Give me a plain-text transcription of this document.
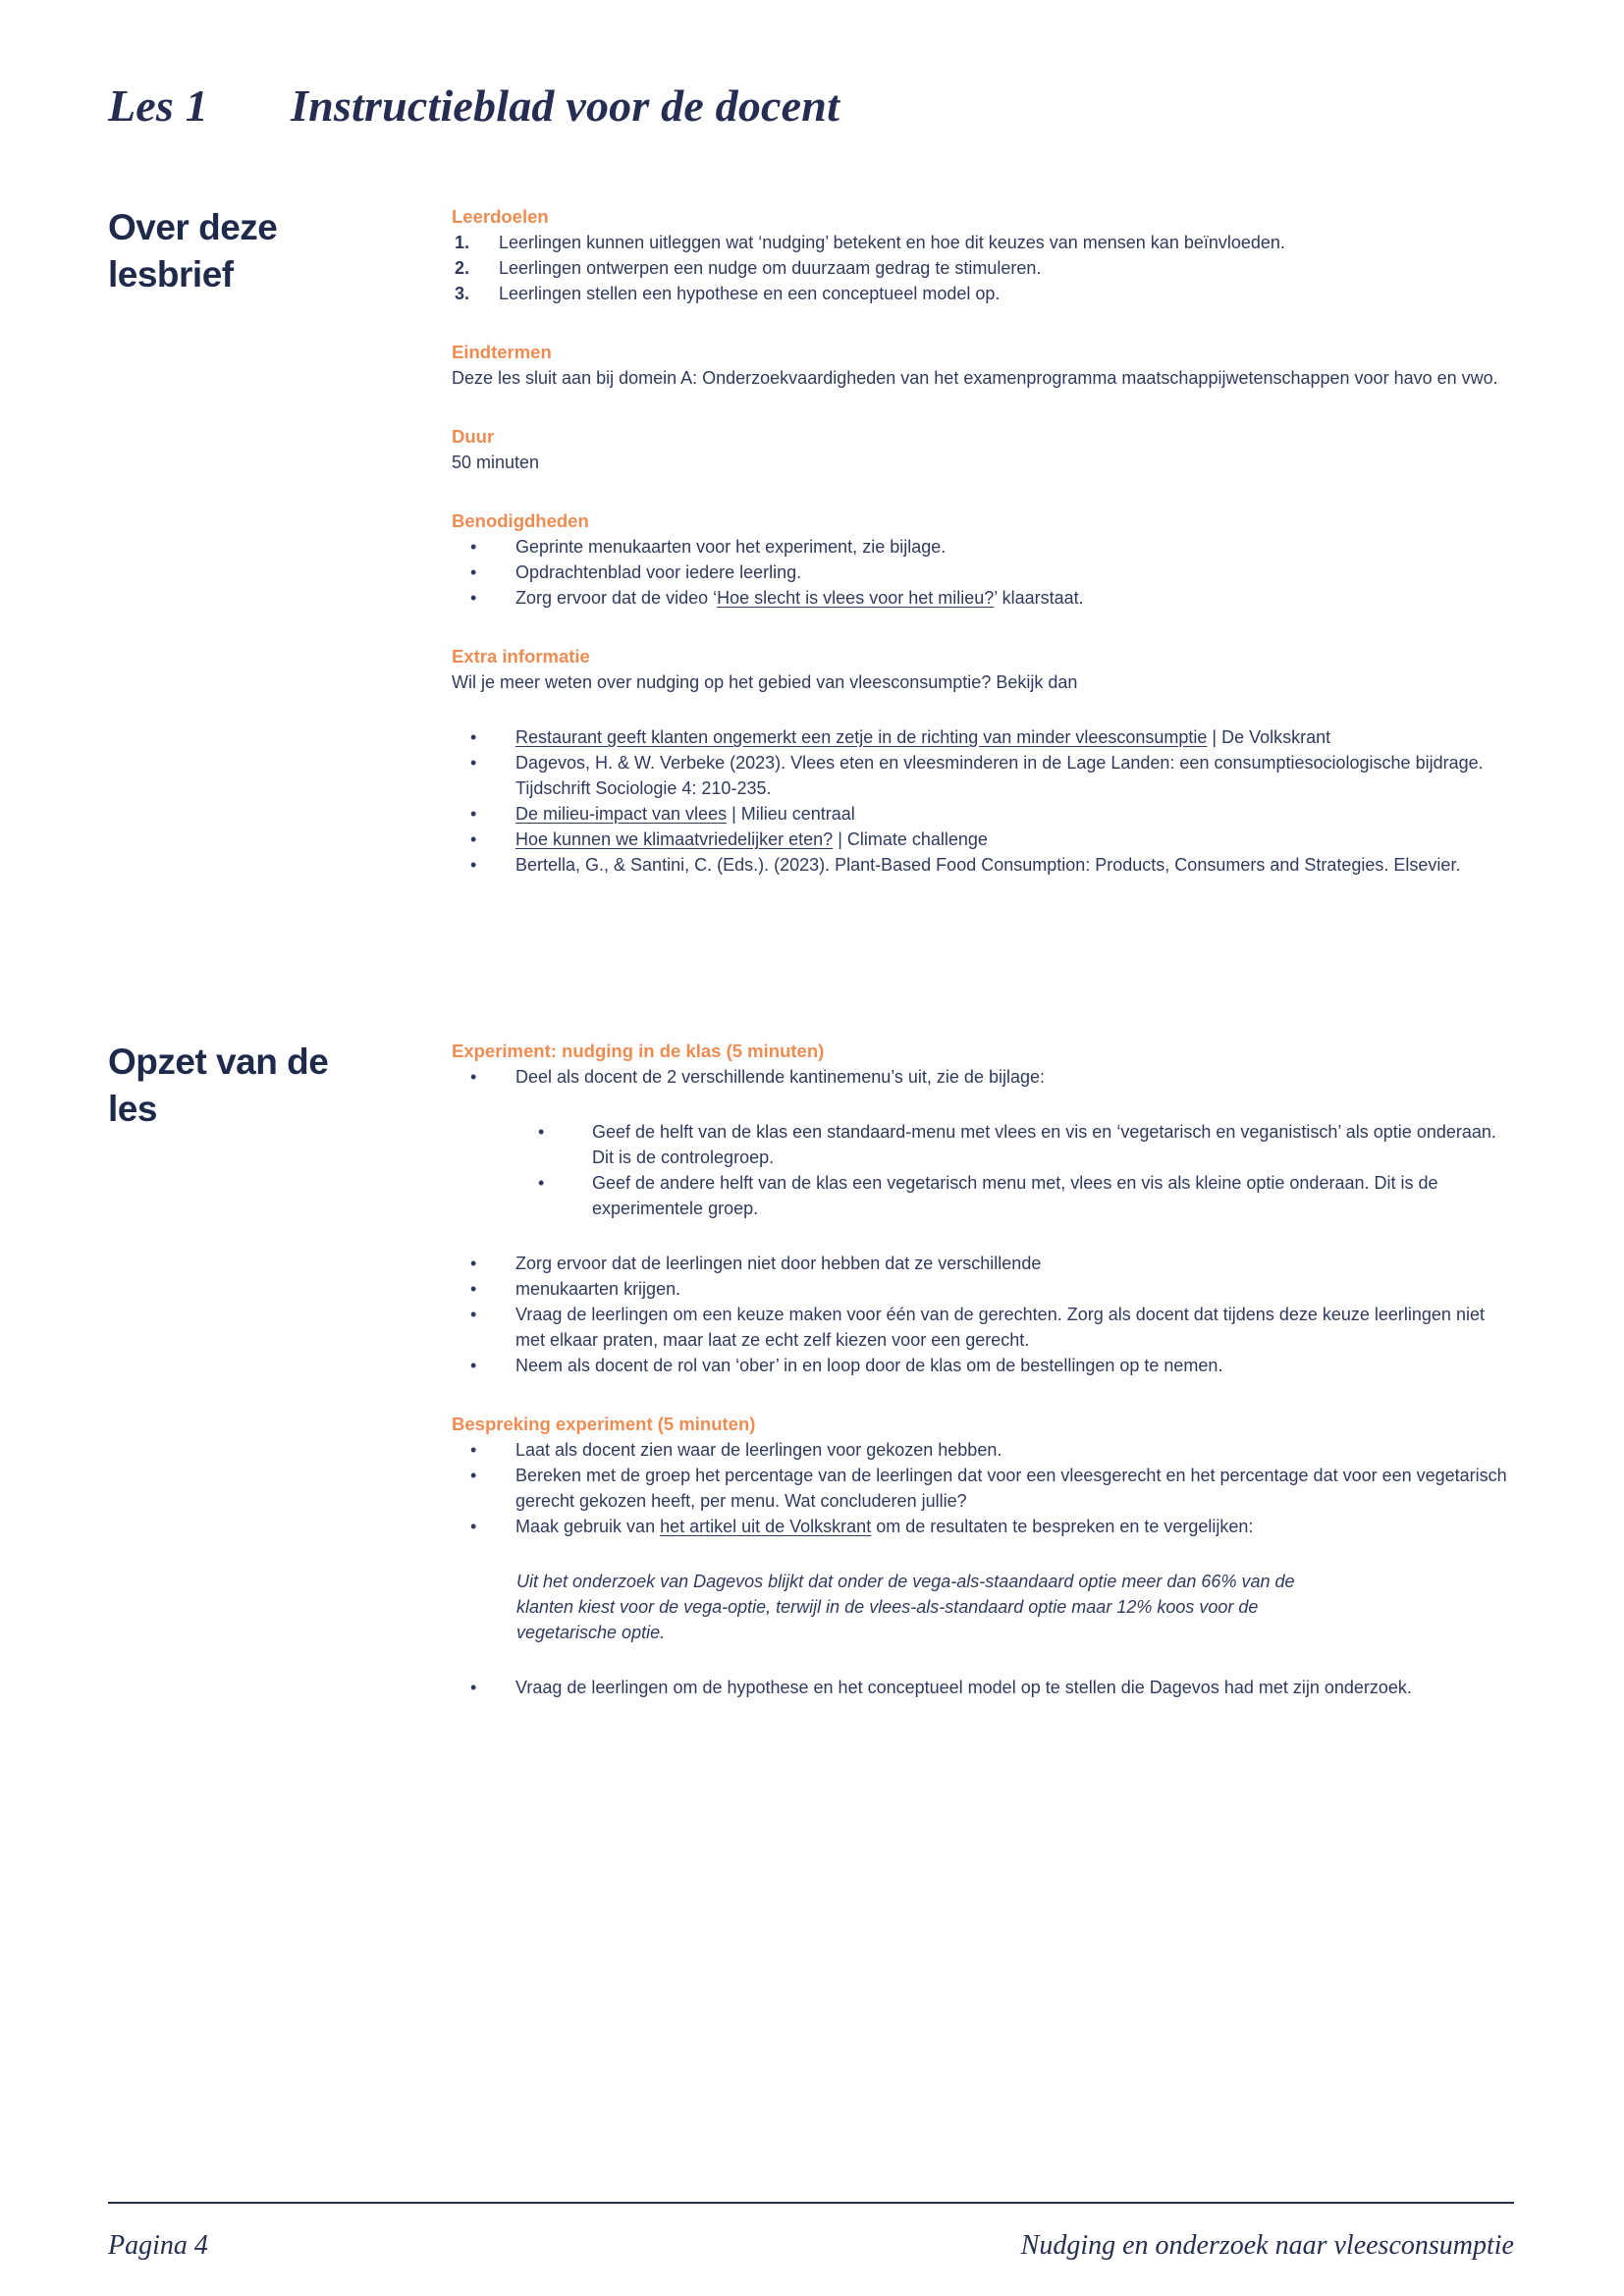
Les 1	Instructieblad voor de docent
Over deze lesbrief
Leerdoelen
1.	Leerlingen kunnen uitleggen wat ‘nudging’ betekent en hoe dit keuzes van mensen kan beïnvloeden.

2.	Leerlingen ontwerpen een nudge om duurzaam gedrag te stimuleren.

3.	Leerlingen stellen een hypothese en een conceptueel model op.

Eindtermen

Deze les sluit aan bij domein A: Onderzoekvaardigheden van het examenprogramma maatschappijwetenschappen voor havo en vwo.

Duur

50 minuten

Benodigdheden
•	Geprinte menukaarten voor het experiment, zie bijlage.

•	Opdrachtenblad voor iedere leerling.

•	Zorg ervoor dat de video ‘Hoe slecht is vlees voor het milieu?’ klaarstaat.

Extra informatie

Wil je meer weten over nudging op het gebied van vleesconsumptie? Bekijk dan

•	Restaurant geeft klanten ongemerkt een zetje in de richting van minder vleesconsumptie | De Volkskrant

•	Dagevos, H. & W. Verbeke (2023). Vlees eten en vleesminderen in de Lage Landen: een consumptiesociologische bijdrage. Tijdschrift Sociologie 4: 210-235.

•	De milieu-impact van vlees | Milieu centraal

•	Hoe kunnen we klimaatvriedelijker eten? | Climate challenge

•	Bertella, G., & Santini, C. (Eds.). (2023). Plant-Based Food Consumption: Products, Consumers and Strategies. Elsevier.

Opzet van de les
Experiment: nudging in de klas (5 minuten)
•	Deel als docent de 2 verschillende kantinemenu’s uit, zie de bijlage:

•	Geef de helft van de klas een standaard-menu met vlees en vis en ‘vegetarisch en veganistisch’ als optie onderaan. Dit is de controlegroep.

•	Geef de andere helft van de klas een vegetarisch menu met, vlees en vis als kleine optie onderaan. Dit is de experimentele groep.

•	Zorg ervoor dat de leerlingen niet door hebben dat ze verschillende

•	menukaarten krijgen.

•	Vraag de leerlingen om een keuze maken voor één van de gerechten. Zorg als docent dat tijdens deze keuze leerlingen niet met elkaar praten, maar laat ze echt zelf kiezen voor een gerecht.

•	Neem als docent de rol van ‘ober’ in en loop door de klas om de bestellingen op te nemen.

Bespreking experiment (5 minuten)
•	Laat als docent zien waar de leerlingen voor gekozen hebben.

•	Bereken met de groep het percentage van de leerlingen dat voor een vleesgerecht en het percentage dat voor een vegetarisch gerecht gekozen heeft, per menu. Wat concluderen jullie?

•	Maak gebruik van het artikel uit de Volkskrant om de resultaten te bespreken en te vergelijken:

Uit het onderzoek van Dagevos blijkt dat onder de vega-als-staandaard optie meer dan 66% van de klanten kiest voor de vega-optie, terwijl in de vlees-als-standaard optie maar 12% koos voor de vegetarische optie.

•	Vraag de leerlingen om de hypothese en het conceptueel model op te stellen die Dagevos had met zijn onderzoek.

Pagina 4	Nudging en onderzoek naar vleesconsumptie
